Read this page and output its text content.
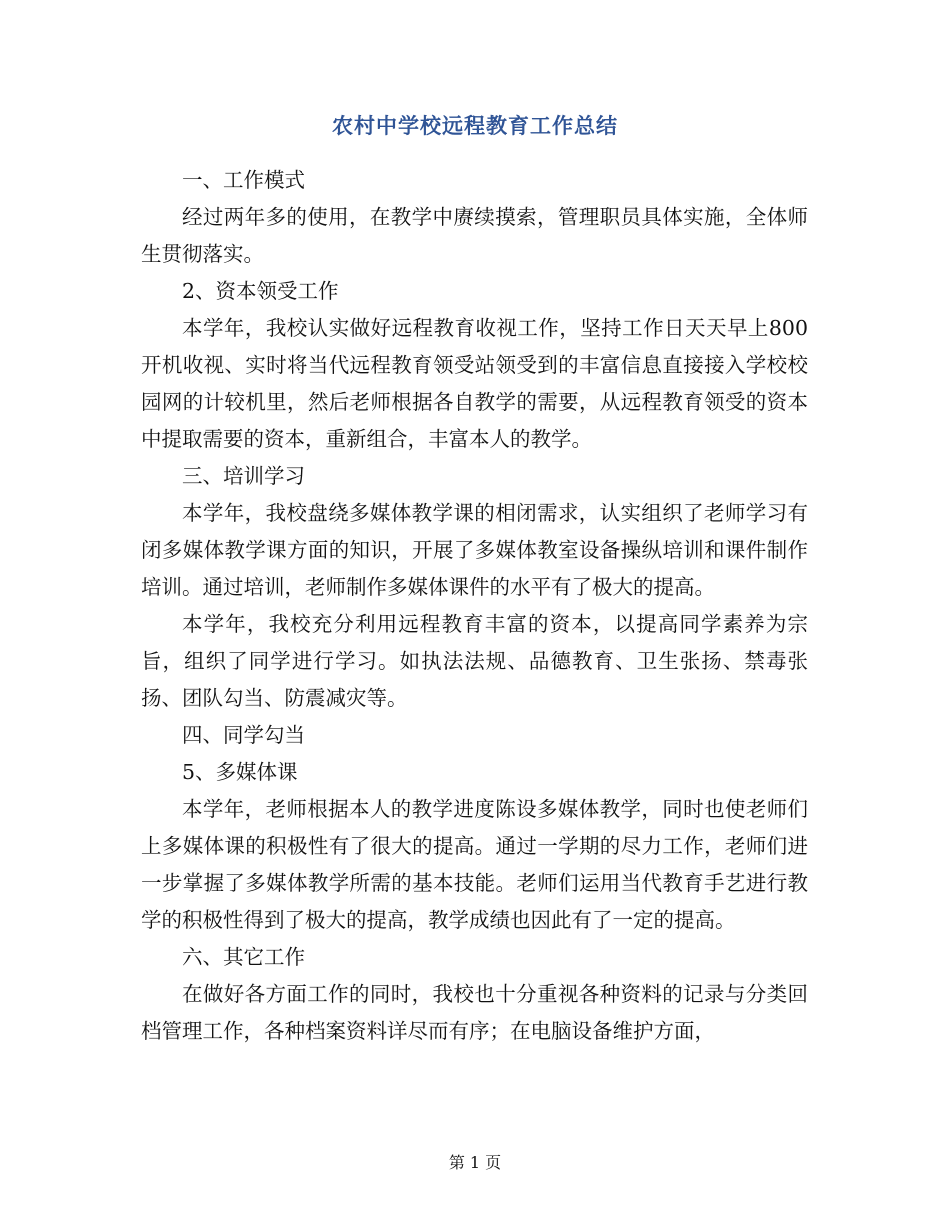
农村中学校远程教育工作总结

一、工作模式

经过两年多的使用，在教学中赓续摸索，管理职员具体实施，全体师生贯彻落实。

2、资本领受工作

本学年，我校认实做好远程教育收视工作，坚持工作日天天早上800开机收视、实时将当代远程教育领受站领受到的丰富信息直接接入学校校园网的计较机里，然后老师根据各自教学的需要，从远程教育领受的资本中提取需要的资本，重新组合，丰富本人的教学。

三、培训学习

本学年，我校盘绕多媒体教学课的相闭需求，认实组织了老师学习有闭多媒体教学课方面的知识，开展了多媒体教室设备操纵培训和课件制作培训。通过培训，老师制作多媒体课件的水平有了极大的提高。

本学年，我校充分利用远程教育丰富的资本，以提高同学素养为宗旨，组织了同学进行学习。如执法法规、品德教育、卫生张扬、禁毒张扬、团队勾当、防震减灾等。

四、同学勾当

5、多媒体课

本学年，老师根据本人的教学进度陈设多媒体教学，同时也使老师们上多媒体课的积极性有了很大的提高。通过一学期的尽力工作，老师们进一步掌握了多媒体教学所需的基本技能。老师们运用当代教育手艺进行教学的积极性得到了极大的提高，教学成绩也因此有了一定的提高。

六、其它工作

在做好各方面工作的同时，我校也十分重视各种资料的记录与分类回档管理工作，各种档案资料详尽而有序；在电脑设备维护方面，

第 1 页
